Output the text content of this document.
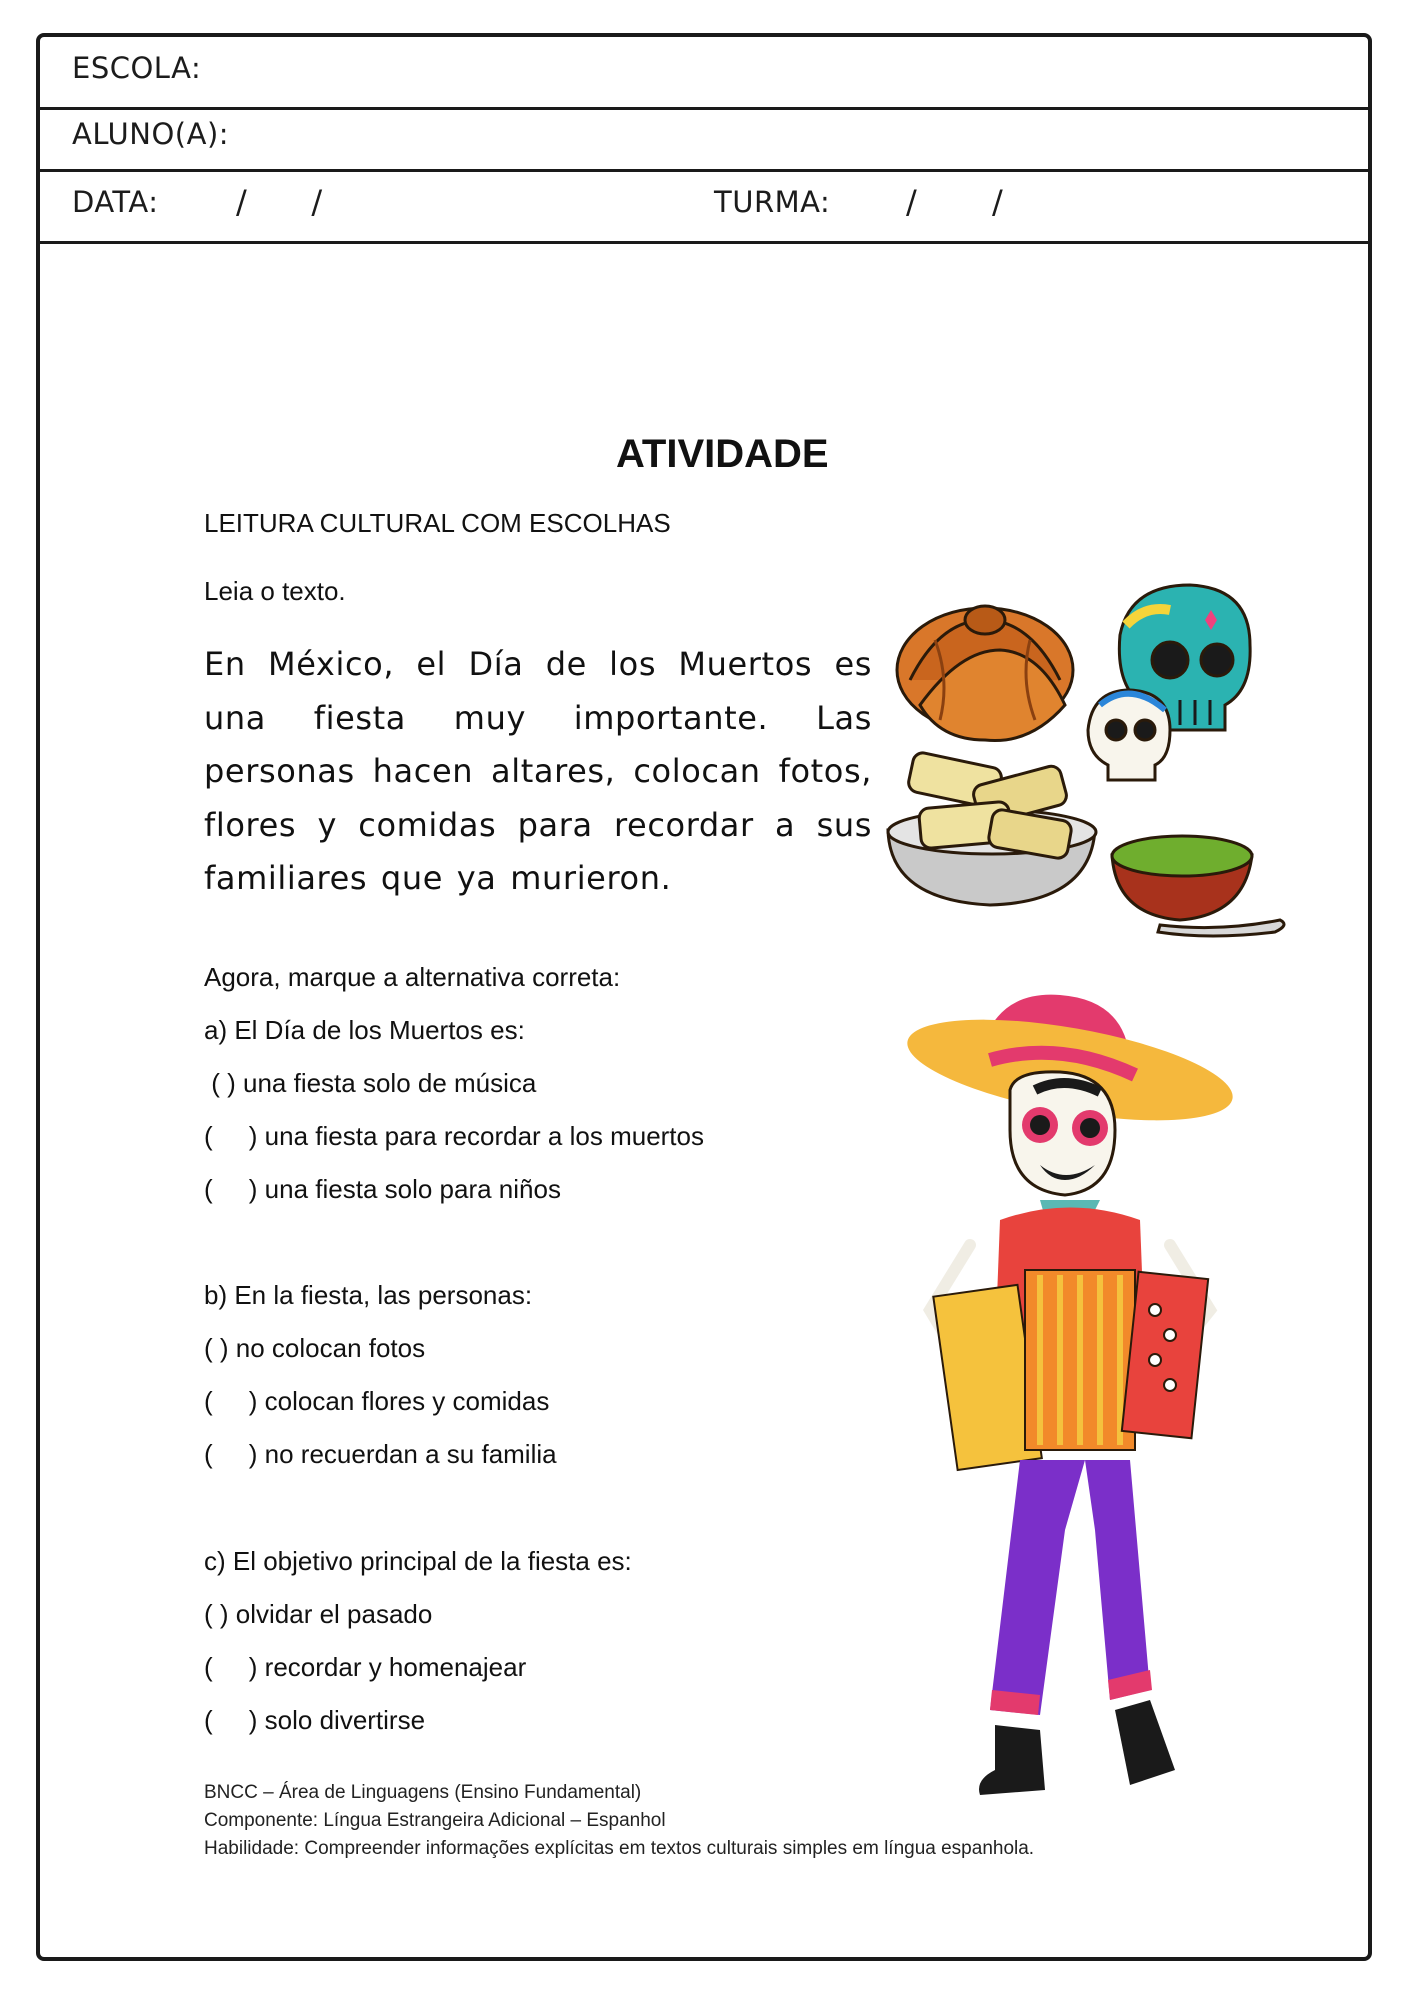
ESCOLA:
ALUNO(A):
DATA: /      /	TURMA: /       /
ATIVIDADE
LEITURA CULTURAL COM ESCOLHAS
Leia o texto.
En México, el Día de los Muertos es una fiesta muy importante. Las personas hacen altares, colocan fotos, flores y comidas para recordar a sus familiares que ya murieron.
Agora, marque a alternativa correta:
a) El Día de los Muertos es:
( ) una fiesta solo de música
(     ) una fiesta para recordar a los muertos
(     ) una fiesta solo para niños
b) En la fiesta, las personas:
( ) no colocan fotos
(     ) colocan flores y comidas
(     ) no recuerdan a su familia
c) El objetivo principal de la fiesta es:
( ) olvidar el pasado
(     ) recordar y homenajear
(     ) solo divertirse
BNCC – Área de Linguagens (Ensino Fundamental)
Componente: Língua Estrangeira Adicional – Espanhol
Habilidade: Compreender informações explícitas em textos culturais simples em língua espanhola.
